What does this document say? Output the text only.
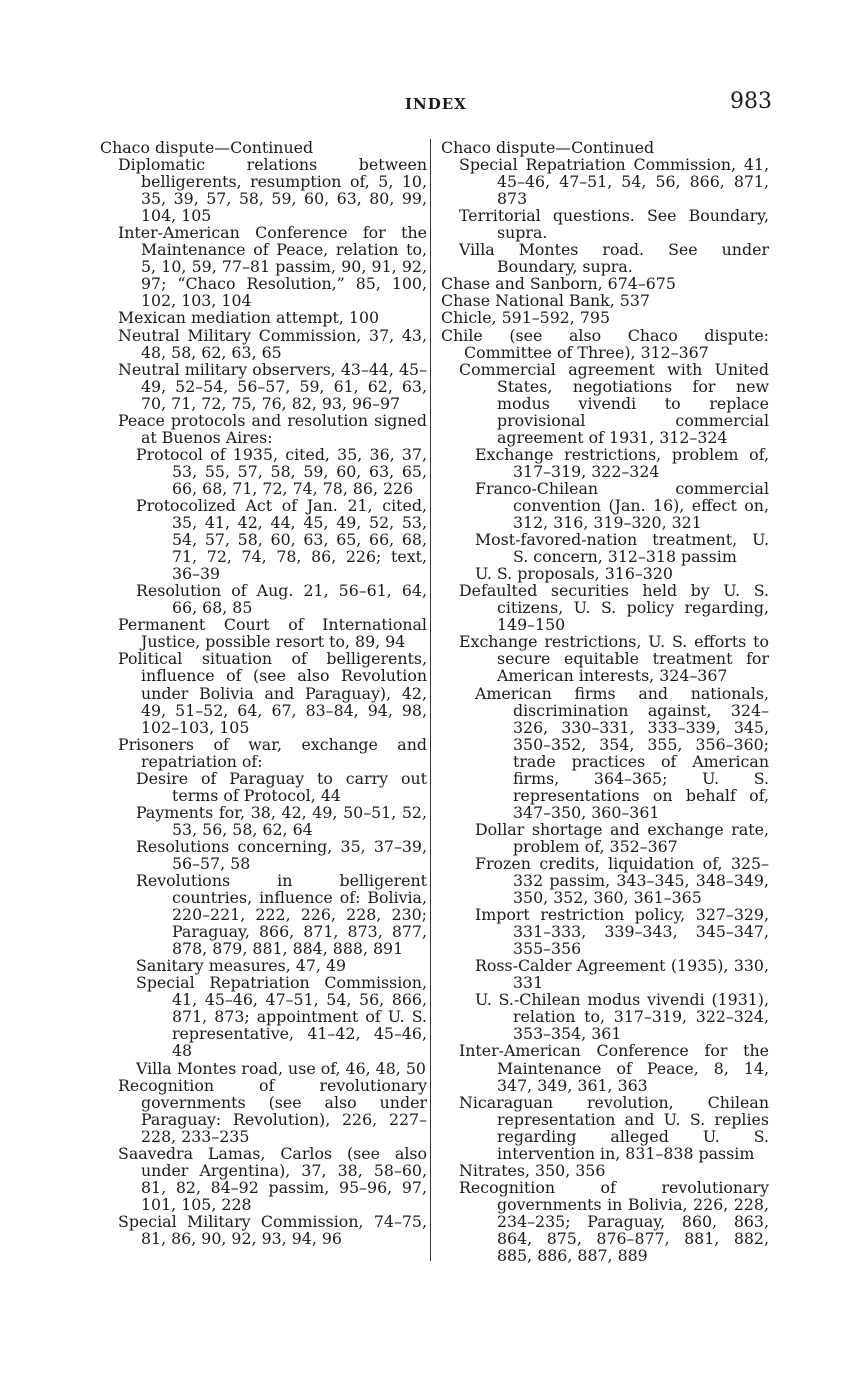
INDEX	983
Chaco dispute—Continued
Diplomatic relations between belligerents, resumption of, 5, 10, 35, 39, 57, 58, 59, 60, 63, 80, 99, 104, 105
Inter-American Conference for the Maintenance of Peace, relation to, 5, 10, 59, 77–81 passim, 90, 91, 92, 97; “Chaco Resolution,” 85, 100, 102, 103, 104
Mexican mediation attempt, 100
Neutral Military Commission, 37, 43, 48, 58, 62, 63, 65
Neutral military observers, 43–44, 45–49, 52–54, 56–57, 59, 61, 62, 63, 70, 71, 72, 75, 76, 82, 93, 96–97
Peace protocols and resolution signed at Buenos Aires:
Protocol of 1935, cited, 35, 36, 37, 53, 55, 57, 58, 59, 60, 63, 65, 66, 68, 71, 72, 74, 78, 86, 226
Protocolized Act of Jan. 21, cited, 35, 41, 42, 44, 45, 49, 52, 53, 54, 57, 58, 60, 63, 65, 66, 68, 71, 72, 74, 78, 86, 226; text, 36–39
Resolution of Aug. 21, 56–61, 64, 66, 68, 85
Permanent Court of International Justice, possible resort to, 89, 94
Political situation of belligerents, influence of (see also Revolution under Bolivia and Paraguay), 42, 49, 51–52, 64, 67, 83–84, 94, 98, 102–103, 105
Prisoners of war, exchange and repatriation of:
Desire of Paraguay to carry out terms of Protocol, 44
Payments for, 38, 42, 49, 50–51, 52, 53, 56, 58, 62, 64
Resolutions concerning, 35, 37–39, 56–57, 58
Revolutions in belligerent countries, influence of: Bolivia, 220–221, 222, 226, 228, 230; Paraguay, 866, 871, 873, 877, 878, 879, 881, 884, 888, 891
Sanitary measures, 47, 49
Special Repatriation Commission, 41, 45–46, 47–51, 54, 56, 866, 871, 873; appointment of U. S. representative, 41–42, 45–46, 48
Villa Montes road, use of, 46, 48, 50
Recognition of revolutionary governments (see also under Paraguay: Revolution), 226, 227–228, 233–235
Saavedra Lamas, Carlos (see also under Argentina), 37, 38, 58–60, 81, 82, 84–92 passim, 95–96, 97, 101, 105, 228
Special Military Commission, 74–75, 81, 86, 90, 92, 93, 94, 96
Chaco dispute—Continued
Special Repatriation Commission, 41, 45–46, 47–51, 54, 56, 866, 871, 873
Territorial questions. See Boundary, supra.
Villa Montes road. See under Boundary, supra.
Chase and Sanborn, 674–675
Chase National Bank, 537
Chicle, 591–592, 795
Chile (see also Chaco dispute: Committee of Three), 312–367
Commercial agreement with United States, negotiations for new modus vivendi to replace provisional commercial agreement of 1931, 312–324
Exchange restrictions, problem of, 317–319, 322–324
Franco-Chilean commercial convention (Jan. 16), effect on, 312, 316, 319–320, 321
Most-favored-nation treatment, U. S. concern, 312–318 passim
U. S. proposals, 316–320
Defaulted securities held by U. S. citizens, U. S. policy regarding, 149–150
Exchange restrictions, U. S. efforts to secure equitable treatment for American interests, 324–367
American firms and nationals, discrimination against, 324–326, 330–331, 333–339, 345, 350–352, 354, 355, 356–360; trade practices of American firms, 364–365; U. S. representations on behalf of, 347–350, 360–361
Dollar shortage and exchange rate, problem of, 352–367
Frozen credits, liquidation of, 325–332 passim, 343–345, 348–349, 350, 352, 360, 361–365
Import restriction policy, 327–329, 331–333, 339–343, 345–347, 355–356
Ross-Calder Agreement (1935), 330, 331
U. S.-Chilean modus vivendi (1931), relation to, 317–319, 322–324, 353–354, 361
Inter-American Conference for the Maintenance of Peace, 8, 14, 347, 349, 361, 363
Nicaraguan revolution, Chilean representation and U. S. replies regarding alleged U. S. intervention in, 831–838 passim
Nitrates, 350, 356
Recognition of revolutionary governments in Bolivia, 226, 228, 234–235; Paraguay, 860, 863, 864, 875, 876–877, 881, 882, 885, 886, 887, 889
